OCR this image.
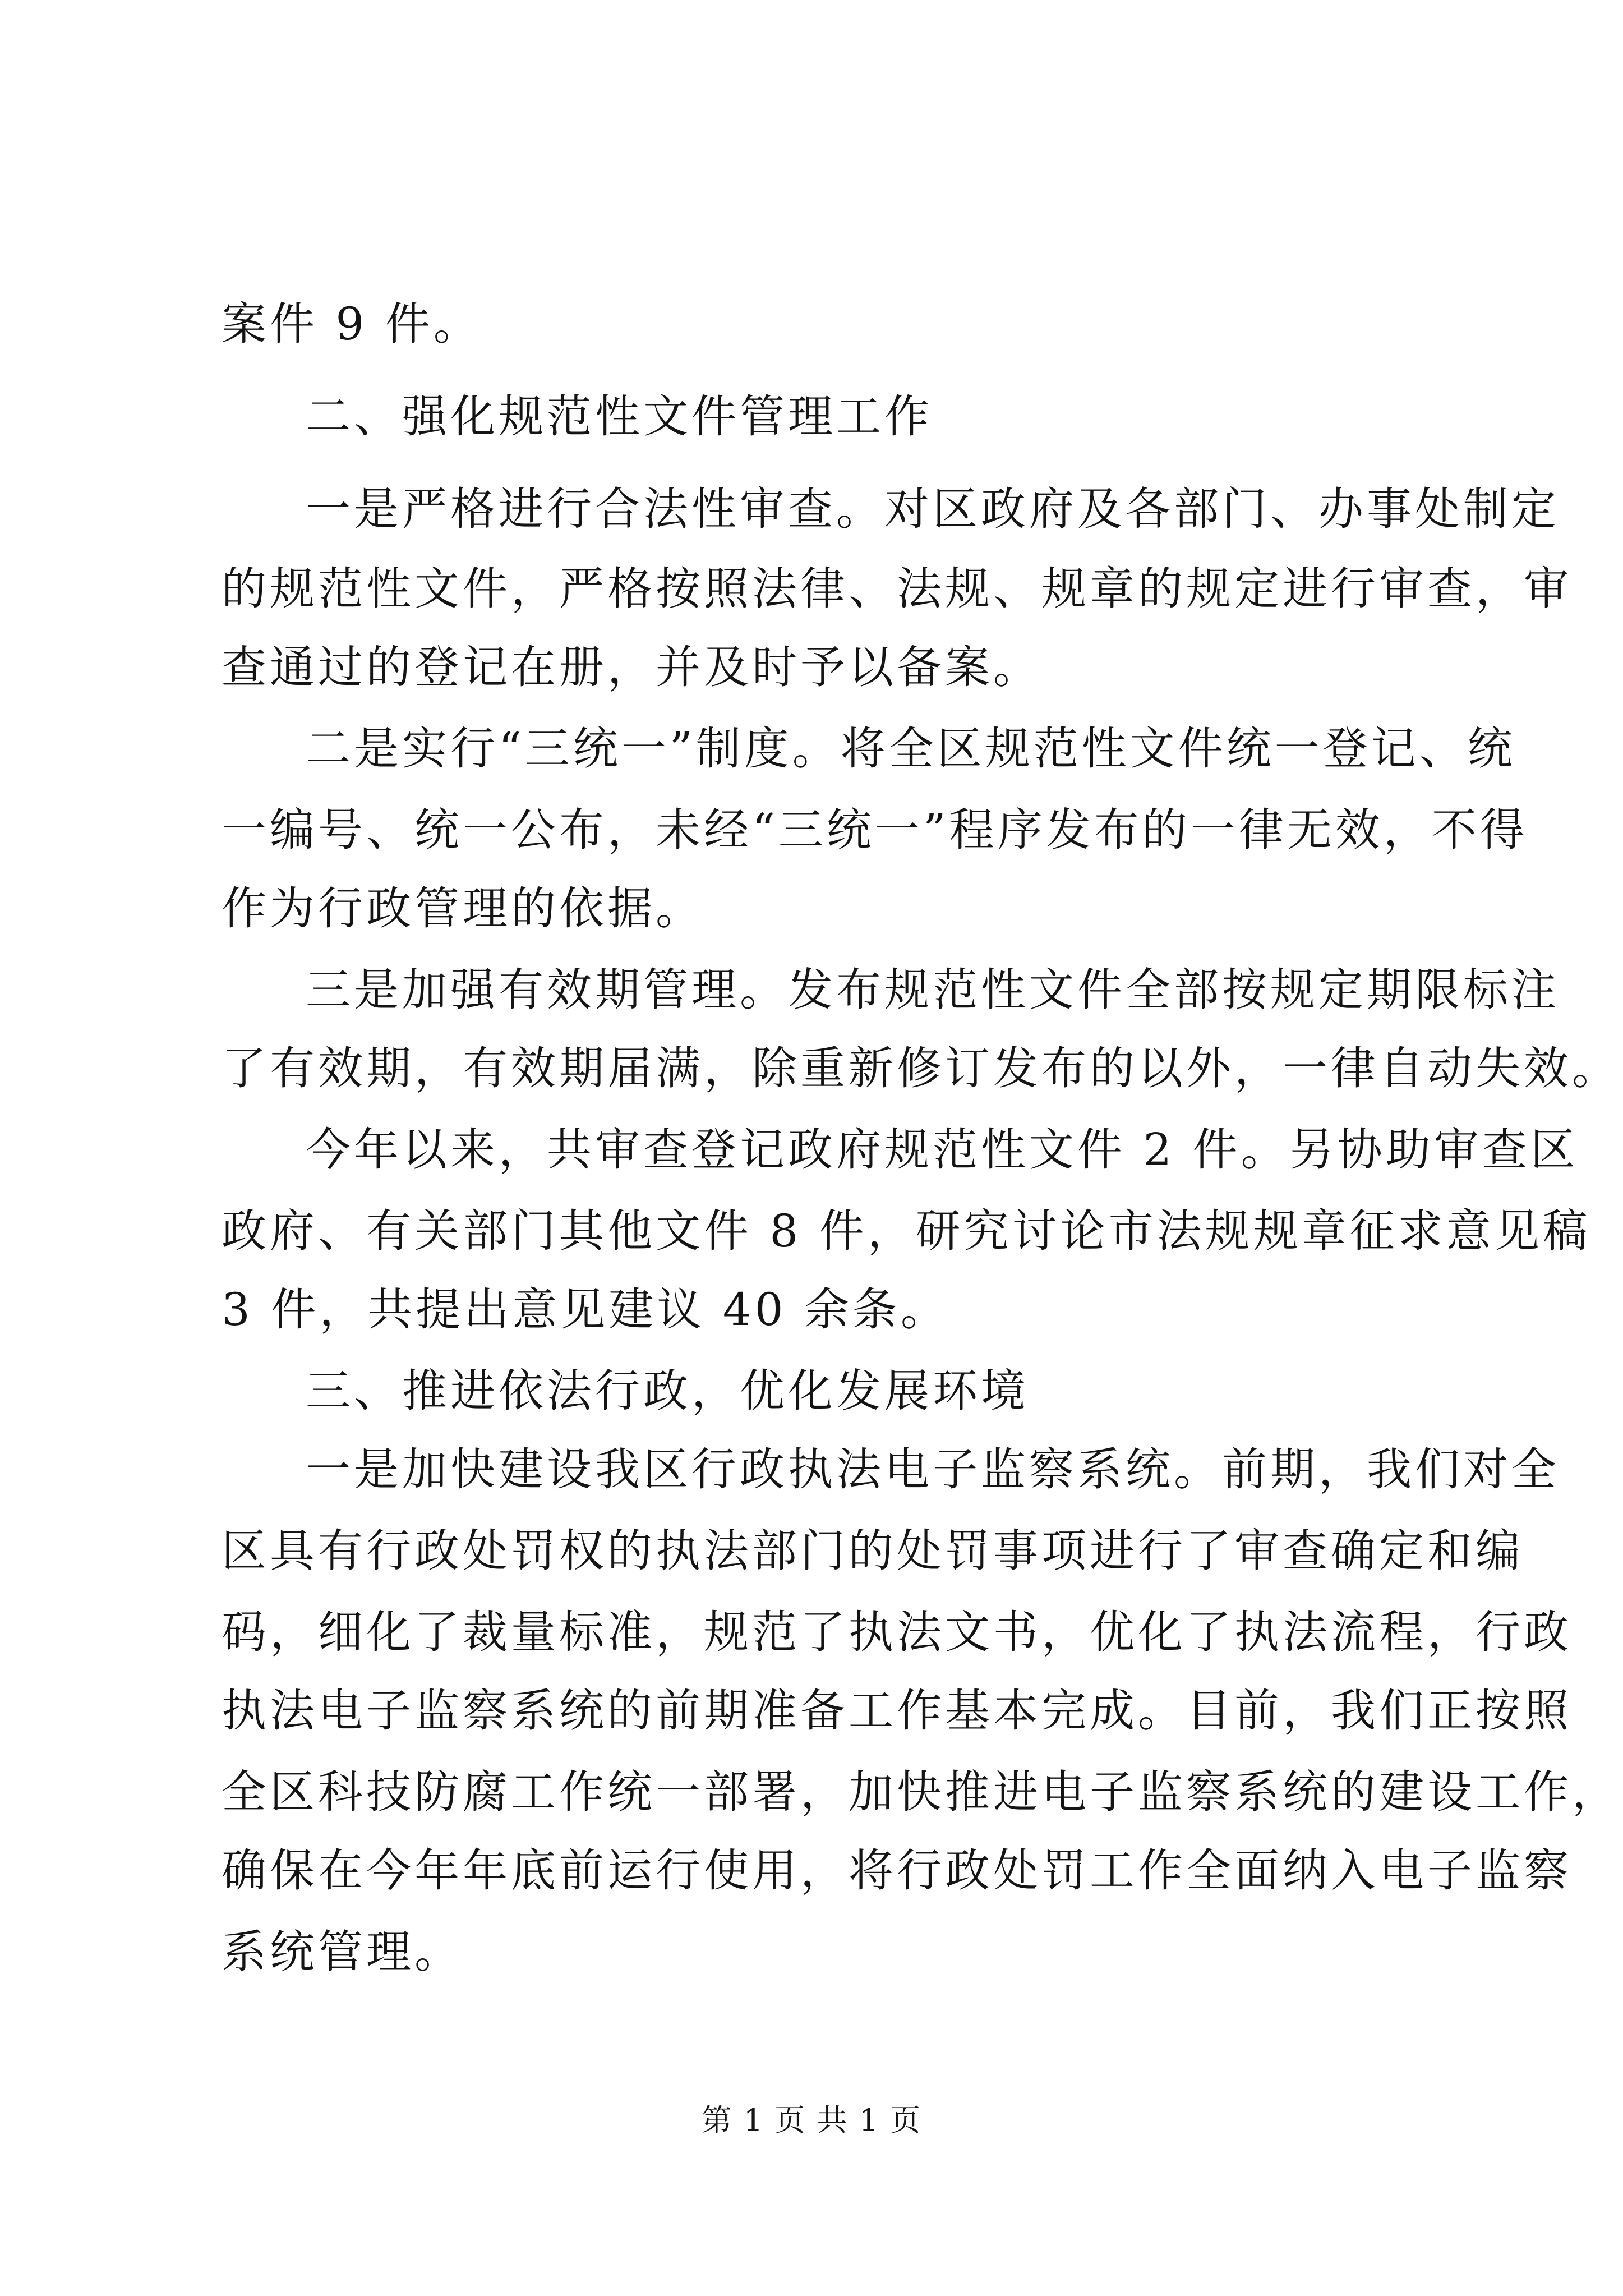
案件 9 件。
二、强化规范性文件管理工作
一是严格进行合法性审查。对区政府及各部门、办事处制定
的规范性文件，严格按照法律、法规、规章的规定进行审查，审
查通过的登记在册，并及时予以备案。
二是实行“三统一”制度。将全区规范性文件统一登记、统
一编号、统一公布，未经“三统一”程序发布的一律无效，不得
作为行政管理的依据。
三是加强有效期管理。发布规范性文件全部按规定期限标注
了有效期，有效期届满，除重新修订发布的以外，一律自动失效。
今年以来，共审查登记政府规范性文件 2 件。另协助审查区
政府、有关部门其他文件 8 件，研究讨论市法规规章征求意见稿
3 件，共提出意见建议 40 余条。
三、推进依法行政，优化发展环境
一是加快建设我区行政执法电子监察系统。前期，我们对全
区具有行政处罚权的执法部门的处罚事项进行了审查确定和编
码，细化了裁量标准，规范了执法文书，优化了执法流程，行政
执法电子监察系统的前期准备工作基本完成。目前，我们正按照
全区科技防腐工作统一部署，加快推进电子监察系统的建设工作，
确保在今年年底前运行使用，将行政处罚工作全面纳入电子监察
系统管理。
第 1 页 共 1 页
